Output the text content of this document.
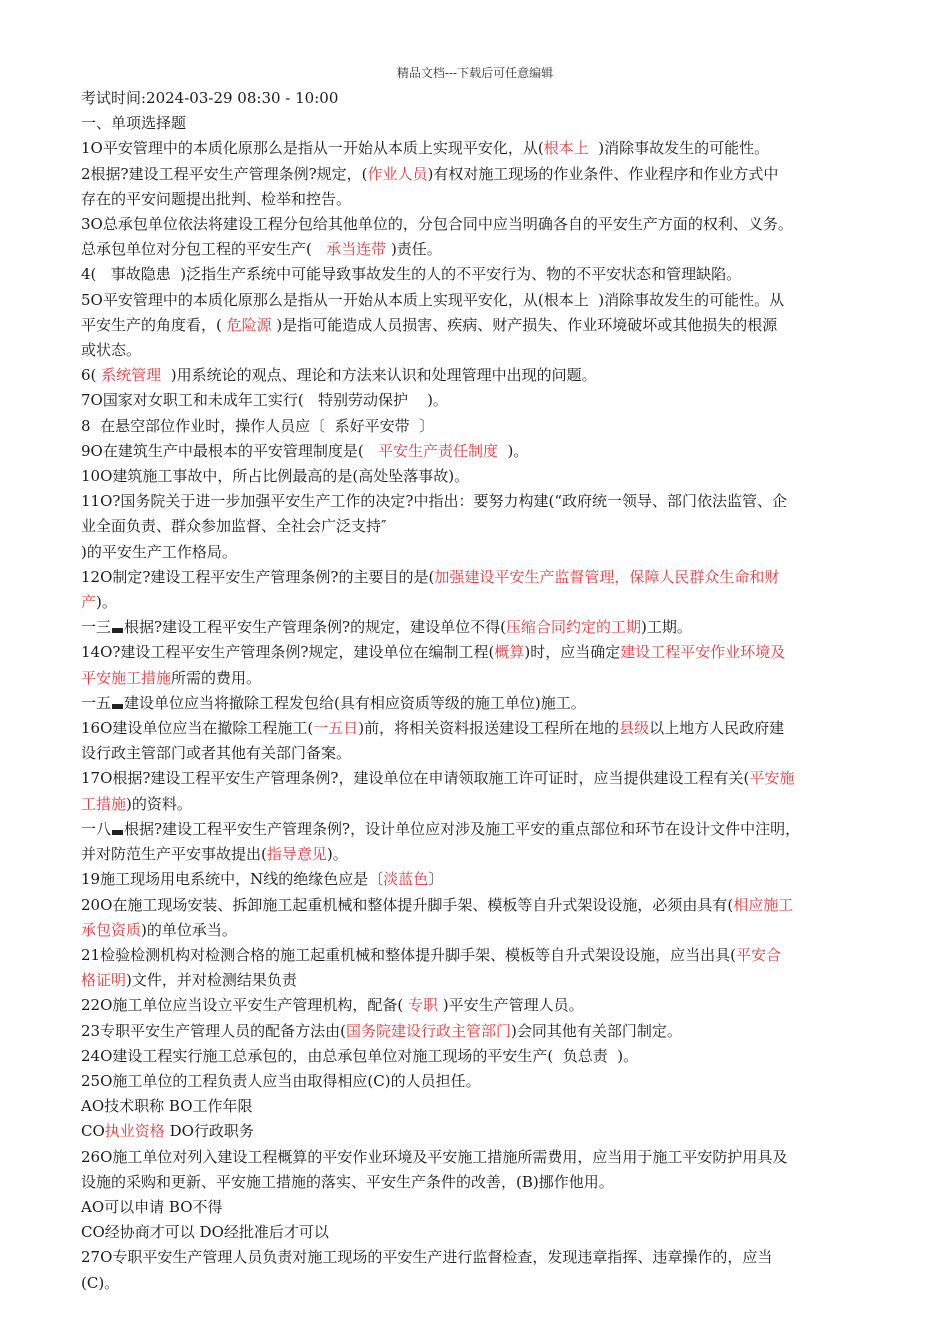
精品文档---下载后可任意编辑
考试时间:2024-03-29 08:30 - 10:00
一、单项选择题
1O平安管理中的本质化原那么是指从一开始从本质上实现平安化，从(根本上  )消除事故发生的可能性。
2根据?建设工程平安生产管理条例?规定，(作业人员)有权对施工现场的作业条件、作业程序和作业方式中
存在的平安问题提出批判、检举和控告。
3O总承包单位依法将建设工程分包给其他单位的，分包合同中应当明确各自的平安生产方面的权利、义务。
总承包单位对分包工程的平安生产(   承当连带 )责任。
4(   事故隐患  )泛指生产系统中可能导致事故发生的人的不平安行为、物的不平安状态和管理缺陷。
5O平安管理中的本质化原那么是指从一开始从本质上实现平安化，从(根本上  )消除事故发生的可能性。从
平安生产的角度看，( 危险源 )是指可能造成人员损害、疾病、财产损失、作业环境破坏或其他损失的根源
或状态。
6( 系统管理  )用系统论的观点、理论和方法来认识和处理管理中出现的问题。
7O国家对女职工和未成年工实行(   特别劳动保护    )。
8  在悬空部位作业时，操作人员应〔  系好平安带  〕
9O在建筑生产中最根本的平安管理制度是(   平安生产责任制度  )。
10O建筑施工事故中，所占比例最高的是(高处坠落事故)。
11O?国务院关于进一步加强平安生产工作的决定?中指出：要努力构建(“政府统一领导、部门依法监管、企
业全面负责、群众参加监督、全社会广泛支持″
)的平安生产工作格局。
12O制定?建设工程平安生产管理条例?的主要目的是(加强建设平安生产监督管理，保障人民群众生命和财
产)。
一三 根据?建设工程平安生产管理条例?的规定，建设单位不得(压缩合同约定的工期)工期。
14O?建设工程平安生产管理条例?规定，建设单位在编制工程(概算)时，应当确定建设工程平安作业环境及
平安施工措施所需的费用。
一五 建设单位应当将撤除工程发包给(具有相应资质等级的施工单位)施工。
16O建设单位应当在撤除工程施工(一五日)前，将相关资料报送建设工程所在地的县级以上地方人民政府建
设行政主管部门或者其他有关部门备案。
17O根据?建设工程平安生产管理条例?，建设单位在申请领取施工许可证时，应当提供建设工程有关(平安施
工措施)的资料。
一八 根据?建设工程平安生产管理条例?，设计单位应对涉及施工平安的重点部位和环节在设计文件中注明，
并对防范生产平安事故提出(指导意见)。
19施工现场用电系统中，N线的绝缘色应是〔淡蓝色〕
20O在施工现场安装、拆卸施工起重机械和整体提升脚手架、模板等自升式架设设施，必须由具有(相应施工
承包资质)的单位承当。
21检验检测机构对检测合格的施工起重机械和整体提升脚手架、模板等自升式架设设施，应当出具(平安合
格证明)文件，并对检测结果负责
22O施工单位应当设立平安生产管理机构，配备( 专职 )平安生产管理人员。
23专职平安生产管理人员的配备方法由(国务院建设行政主管部门)会同其他有关部门制定。
24O建设工程实行施工总承包的，由总承包单位对施工现场的平安生产(  负总责  )。
25O施工单位的工程负责人应当由取得相应(C)的人员担任。
AO技术职称 BO工作年限
CO执业资格 DO行政职务
26O施工单位对列入建设工程概算的平安作业环境及平安施工措施所需费用，应当用于施工平安防护用具及
设施的采购和更新、平安施工措施的落实、平安生产条件的改善，(B)挪作他用。
AO可以申请 BO不得
CO经协商才可以 DO经批准后才可以
27O专职平安生产管理人员负责对施工现场的平安生产进行监督检查，发现违章指挥、违章操作的，应当
(C)。
